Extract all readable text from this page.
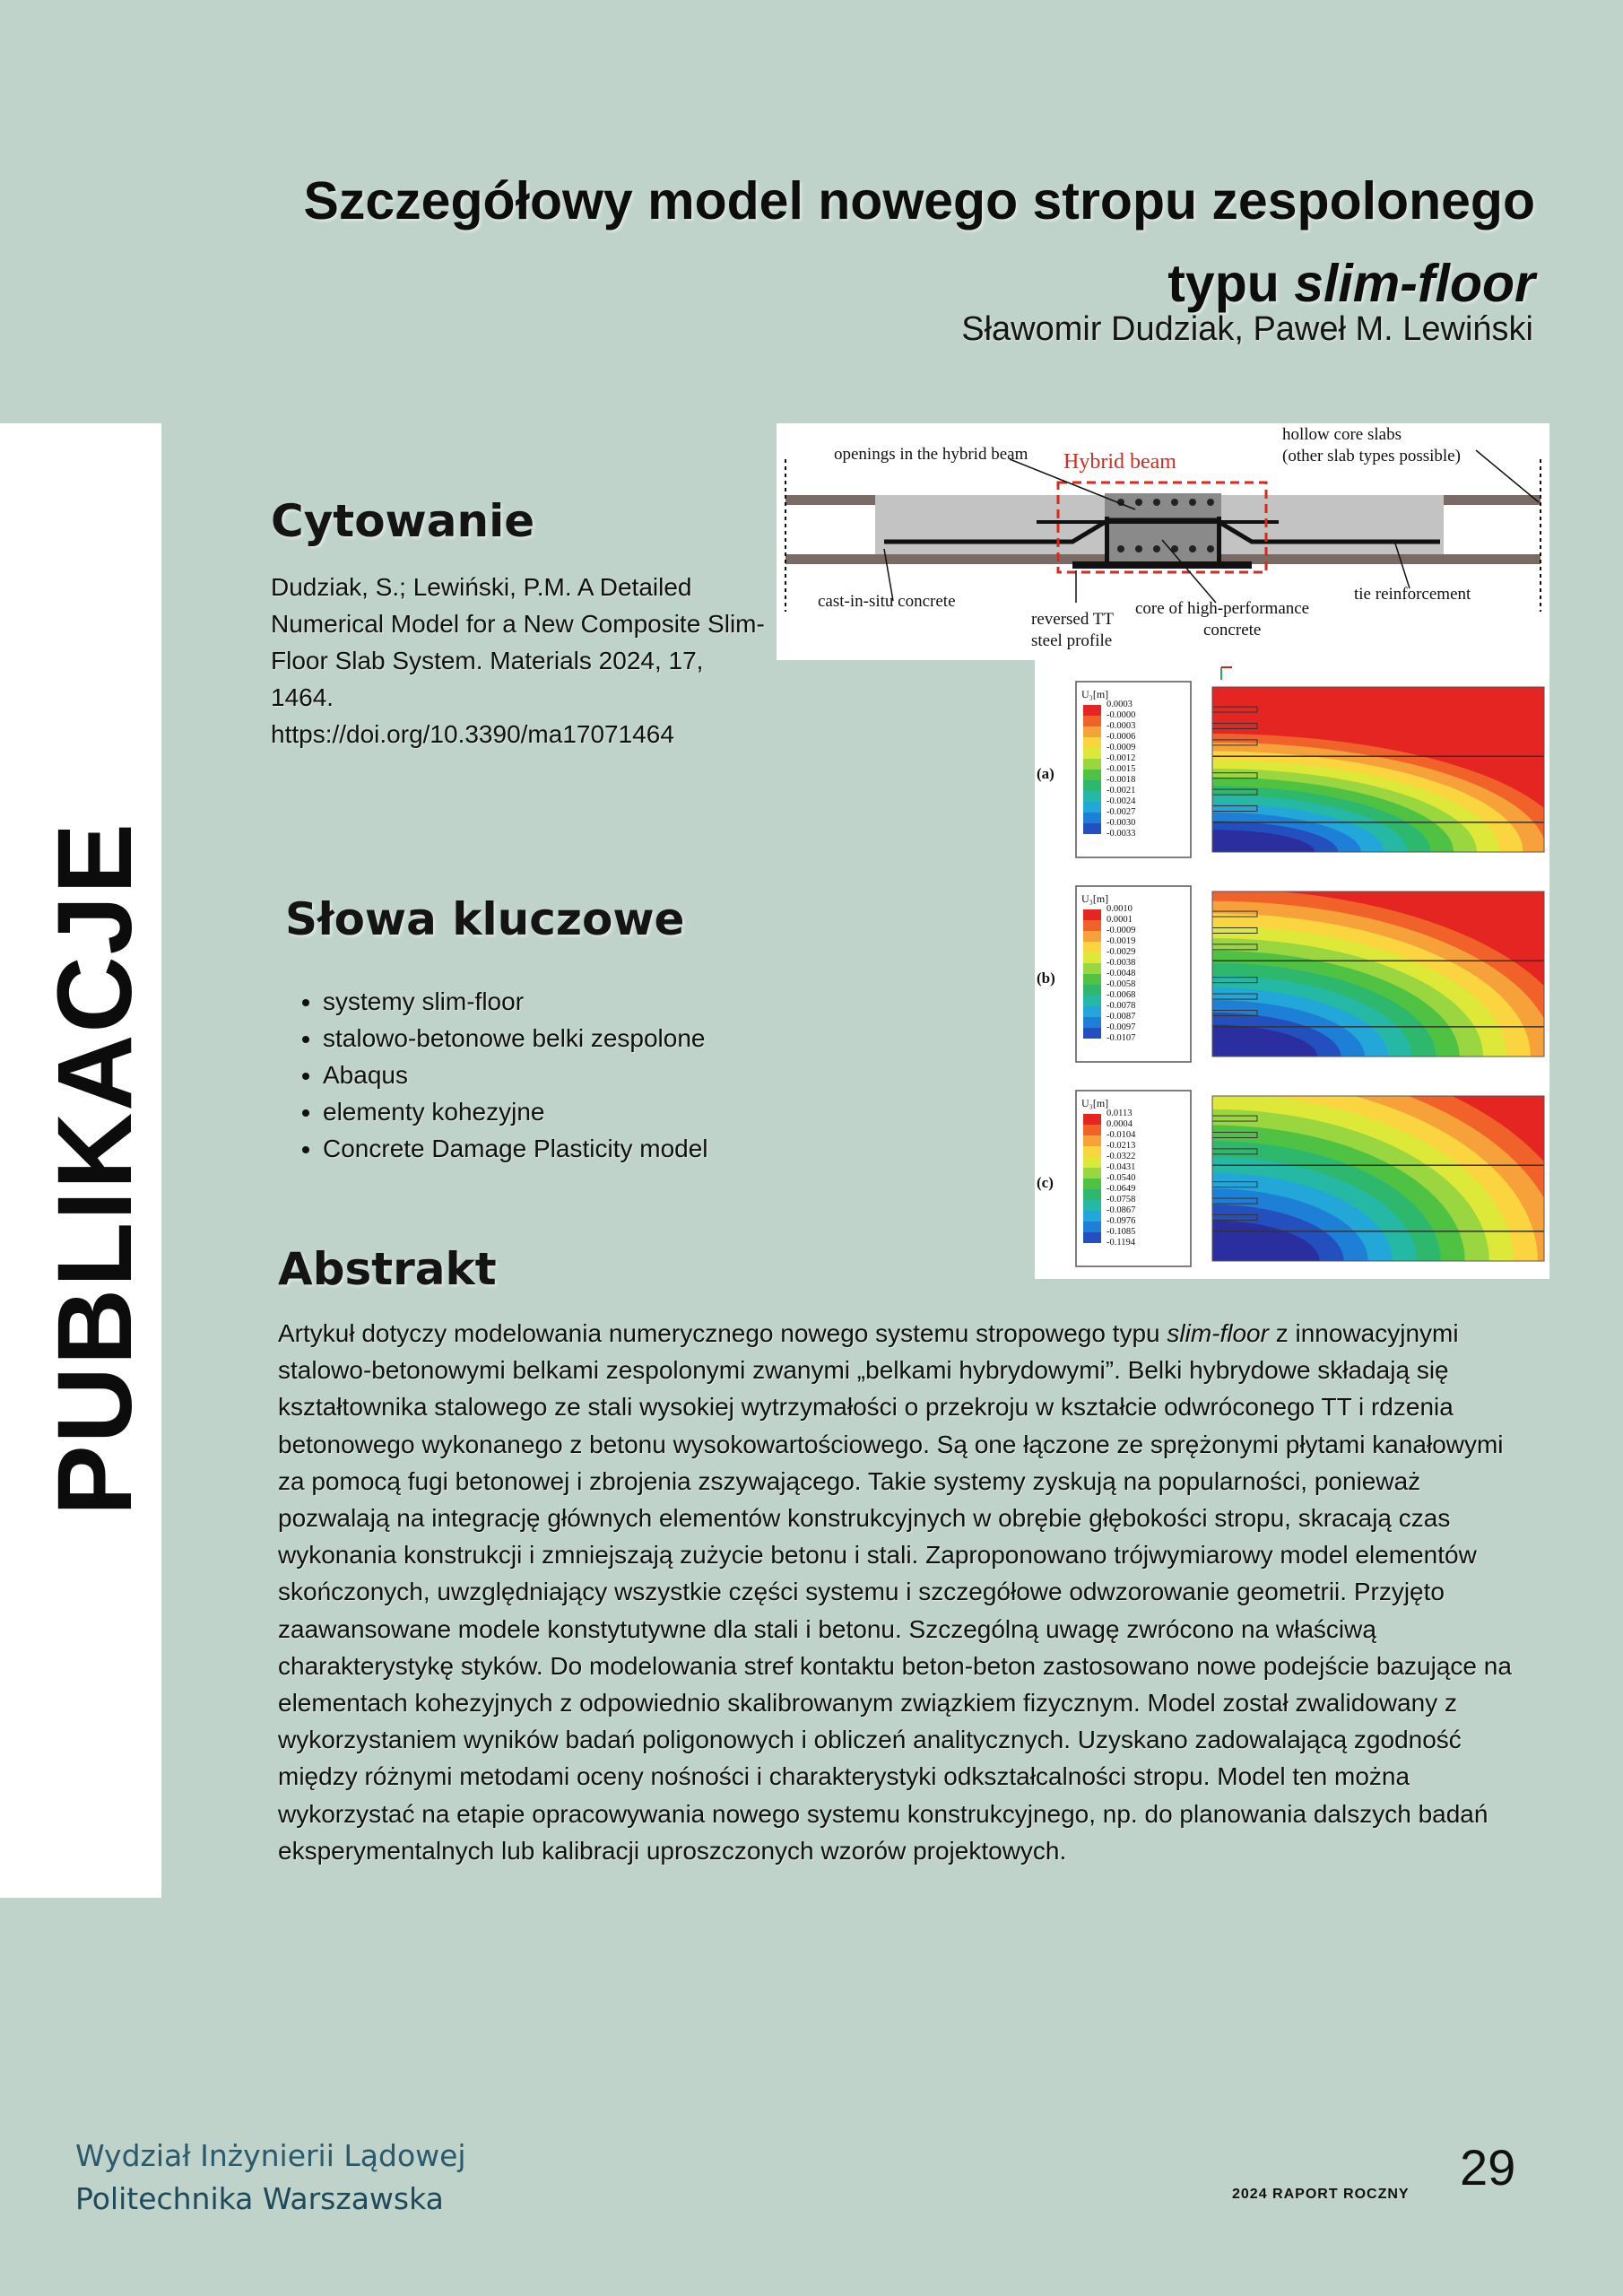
Szczegółowy model nowego stropu zespolonego
typu slim-floor
Sławomir Dudziak, Paweł M. Lewiński
PUBLIKACJE
Cytowanie
Dudziak, S.; Lewiński, P.M. A Detailed Numerical Model for a New Composite Slim-Floor Slab System. Materials 2024, 17, 1464.
https://doi.org/10.3390/ma17071464
Słowa kluczowe
• systemy slim-floor
• stalowo-betonowe belki zespolone
• Abaqus
• elementy kohezyjne
• Concrete Damage Plasticity model
Abstrakt
Artykuł dotyczy modelowania numerycznego nowego systemu stropowego typu slim-floor z innowacyjnymi stalowo-betonowymi belkami zespolonymi zwanymi „belkami hybrydowymi”. Belki hybrydowe składają się kształtownika stalowego ze stali wysokiej wytrzymałości o przekroju w kształcie odwróconego TT i rdzenia betonowego wykonanego z betonu wysokowartościowego. Są one łączone ze sprężonymi płytami kanałowymi za pomocą fugi betonowej i zbrojenia zszywającego. Takie systemy zyskują na popularności, ponieważ pozwalają na integrację głównych elementów konstrukcyjnych w obrębie głębokości stropu, skracają czas wykonania konstrukcji i zmniejszają zużycie betonu i stali. Zaproponowano trójwymiarowy model elementów skończonych, uwzględniający wszystkie części systemu i szczegółowe odwzorowanie geometrii. Przyjęto zaawansowane modele konstytutywne dla stali i betonu. Szczególną uwagę zwrócono na właściwą charakterystykę styków. Do modelowania stref kontaktu beton-beton zastosowano nowe podejście bazujące na elementach kohezyjnych z odpowiednio skalibrowanym związkiem fizycznym. Model został zwalidowany z wykorzystaniem wyników badań poligonowych i obliczeń analitycznych. Uzyskano zadowalającą zgodność między różnymi metodami oceny nośności i charakterystyki odkształcalności stropu. Model ten można wykorzystać na etapie opracowywania nowego systemu konstrukcyjnego, np. do planowania dalszych badań eksperymentalnych lub kalibracji uproszczonych wzorów projektowych.
openings in the hybrid beam Hybrid beam
hollow core slabs
(other slab types possible)
cast-in-situ concrete
reversed TT
steel profile
core of high-performance
concrete
tie reinforcement
(a)
U₃[m]
0.0003
-0.0000
-0.0003
-0.0006
-0.0009
-0.0012
-0.0015
-0.0018
-0.0021
-0.0024
-0.0027
-0.0030
-0.0033
(b)
U₃[m]
0.0010
0.0001
-0.0009
-0.0019
-0.0029
-0.0038
-0.0048
-0.0058
-0.0068
-0.0078
-0.0087
-0.0097
-0.0107
(c)
U₃[m]
0.0113
0.0004
-0.0104
-0.0213
-0.0322
-0.0431
-0.0540
-0.0649
-0.0758
-0.0867
-0.0976
-0.1085
-0.1194
Wydział Inżynierii Lądowej
Politechnika Warszawska	2024 RAPORT ROCZNY 29
